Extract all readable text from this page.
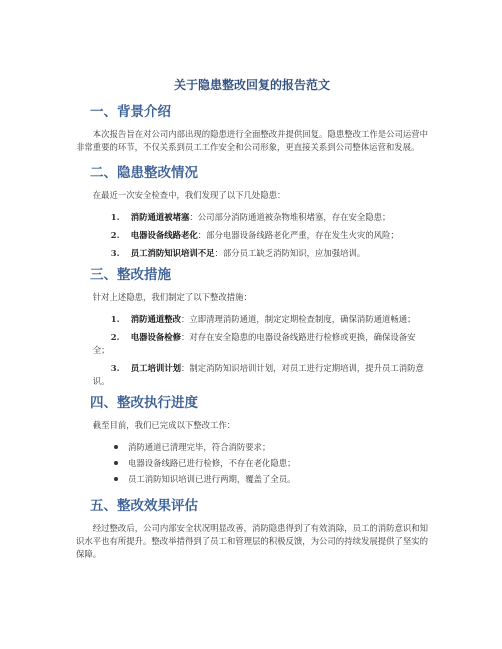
关于隐患整改回复的报告范文
一、背景介绍

本次报告旨在对公司内部出现的隐患进行全面整改并提供回复。隐患整改工作是公司运营中非常重要的环节，不仅关系到员工工作安全和公司形象，更直接关系到公司整体运营和发展。

二、隐患整改情况

在最近一次安全检查中，我们发现了以下几处隐患：

1. 消防通道被堵塞：公司部分消防通道被杂物堆积堵塞，存在安全隐患；
2. 电器设备线路老化：部分电器设备线路老化严重，存在发生火灾的风险；
3. 员工消防知识培训不足：部分员工缺乏消防知识，应加强培训。
三、整改措施

针对上述隐患，我们制定了以下整改措施：

1. 消防通道整改：立即清理消防通道，制定定期检查制度，确保消防通道畅通；
2. 电器设备检修：对存在安全隐患的电器设备线路进行检修或更换，确保设备安全；
3. 员工培训计划：制定消防知识培训计划，对员工进行定期培训，提升员工消防意识。
四、整改执行进度

截至目前，我们已完成以下整改工作：

消防通道已清理完毕，符合消防要求；
电器设备线路已进行检修，不存在老化隐患；
员工消防知识培训已进行两期，覆盖了全员。
五、整改效果评估

经过整改后，公司内部安全状况明显改善，消防隐患得到了有效消除，员工的消防意识和知识水平也有所提升。整改举措得到了员工和管理层的积极反馈，为公司的持续发展提供了坚实的保障。
